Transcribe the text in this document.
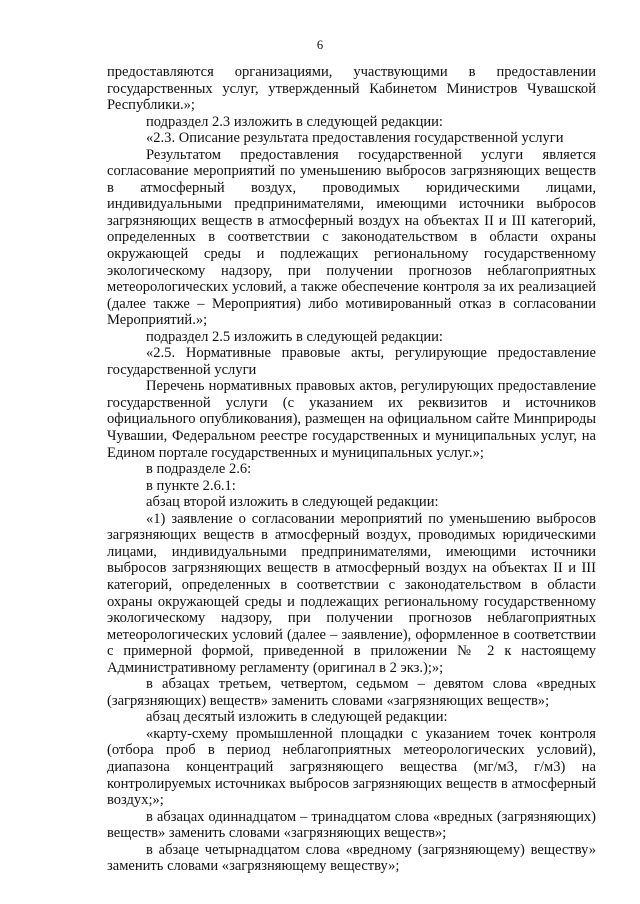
6

предоставляются организациями, участвующими в предоставлении государственных услуг, утвержденный Кабинетом Министров Чувашской Республики.»;

подраздел 2.3 изложить в следующей редакции:

«2.3. Описание результата предоставления государственной услуги

Результатом предоставления государственной услуги является согласование мероприятий по уменьшению выбросов загрязняющих веществ в атмосферный воздух, проводимых юридическими лицами, индивидуальными предпринимателями, имеющими источники выбросов загрязняющих веществ в атмосферный воздух на объектах II и III категорий, определенных в соответствии с законодательством в области охраны окружающей среды и подлежащих региональному государственному экологическому надзору, при получении прогнозов неблагоприятных метеорологических условий, а также обеспечение контроля за их реализацией (далее также – Мероприятия) либо мотивированный отказ в согласовании Мероприятий.»;

подраздел 2.5 изложить в следующей редакции:

«2.5. Нормативные правовые акты, регулирующие предоставление государственной услуги

Перечень нормативных правовых актов, регулирующих предоставление государственной услуги (с указанием их реквизитов и источников официального опубликования), размещен на официальном сайте Минприроды Чувашии, Федеральном реестре государственных и муниципальных услуг, на Едином портале государственных и муниципальных услуг.»;

в подразделе 2.6:

в пункте 2.6.1:

абзац второй изложить в следующей редакции:

«1) заявление о согласовании мероприятий по уменьшению выбросов загрязняющих веществ в атмосферный воздух, проводимых юридическими лицами, индивидуальными предпринимателями, имеющими источники выбросов загрязняющих веществ в атмосферный воздух на объектах II и III категорий, определенных в соответствии с законодательством в области охраны окружающей среды и подлежащих региональному государственному экологическому надзору, при получении прогнозов неблагоприятных метеорологических условий (далее – заявление), оформленное в соответствии с примерной формой, приведенной в приложении № 2 к настоящему Административному регламенту (оригинал в 2 экз.);»;

в абзацах третьем, четвертом, седьмом – девятом слова «вредных (загрязняющих) веществ» заменить словами «загрязняющих веществ»;

абзац десятый изложить в следующей редакции:

«карту-схему промышленной площадки с указанием точек контроля (отбора проб в период неблагоприятных метеорологических условий), диапазона концентраций загрязняющего вещества (мг/м3, г/м3) на контролируемых источниках выбросов загрязняющих веществ в атмосферный воздух;»;

в абзацах одиннадцатом – тринадцатом слова «вредных (загрязняющих) веществ» заменить словами «загрязняющих веществ»;

в абзаце четырнадцатом слова «вредному (загрязняющему) веществу» заменить словами «загрязняющему веществу»;
